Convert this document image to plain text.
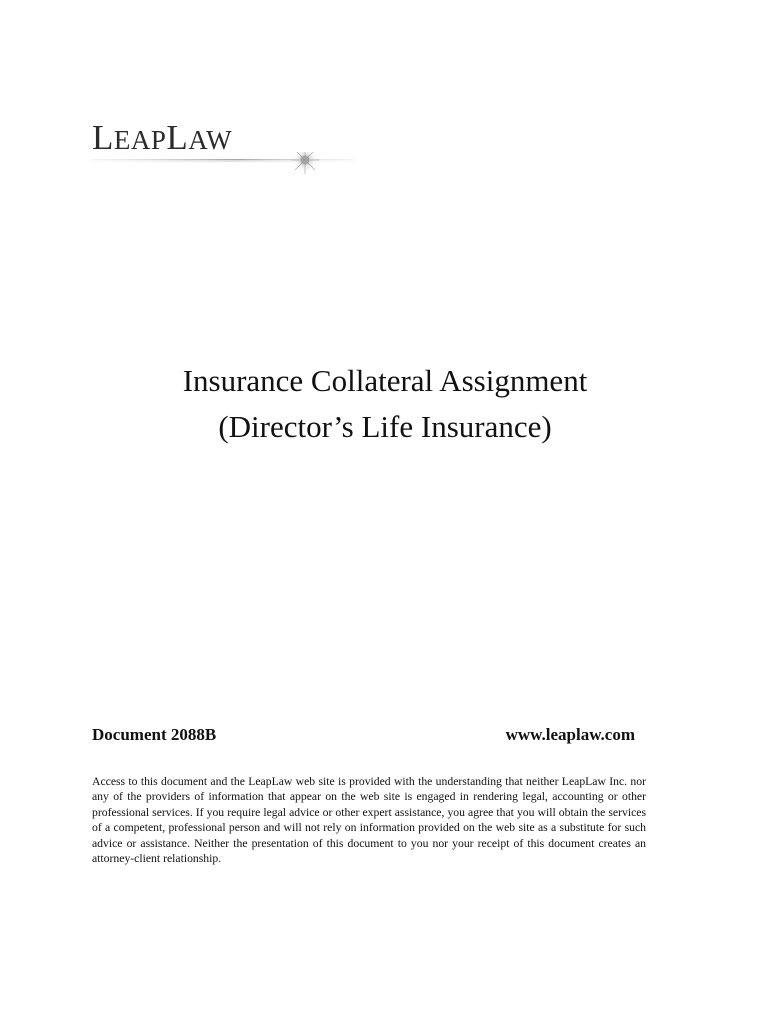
LEAPLAW
Insurance Collateral Assignment
(Director’s Life Insurance)
Document 2088B	www.leaplaw.com
Access to this document and the LeapLaw web site is provided with the understanding that neither LeapLaw Inc. nor any of the providers of information that appear on the web site is engaged in rendering legal, accounting or other professional services. If you require legal advice or other expert assistance, you agree that you will obtain the services of a competent, professional person and will not rely on information provided on the web site as a substitute for such advice or assistance. Neither the presentation of this document to you nor your receipt of this document creates an attorney-client relationship.
